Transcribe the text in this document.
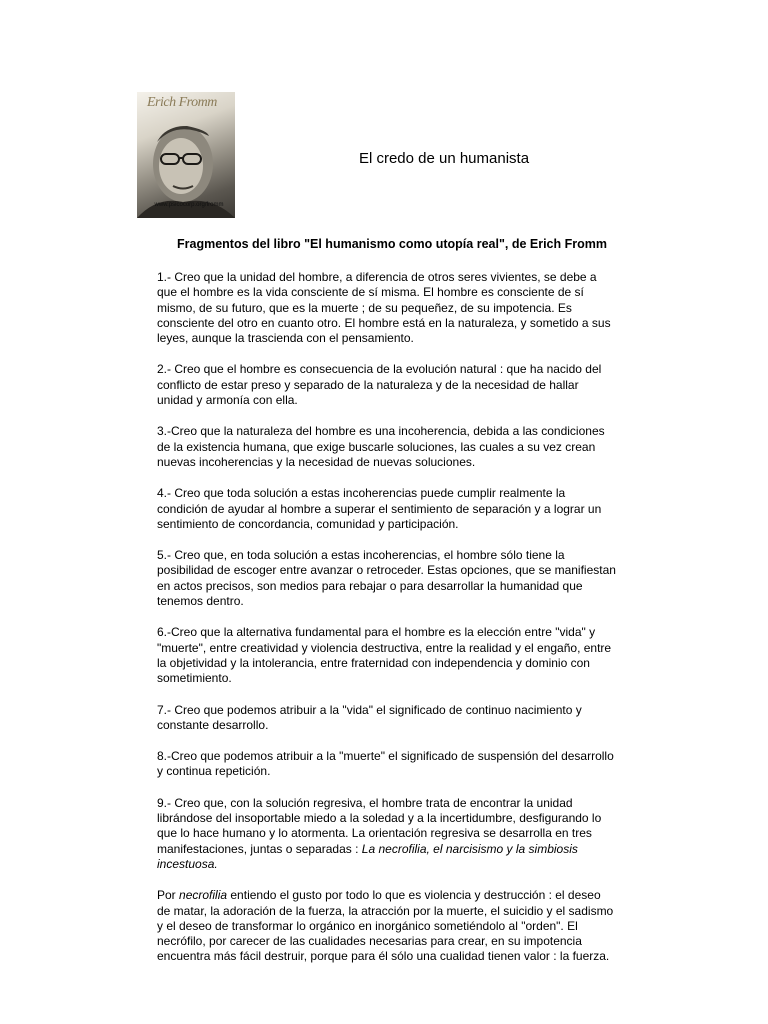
Erich Fromm
www.psicocorp.org/fromm
El credo de un humanista
Fragmentos del libro "El humanismo como utopía real", de Erich Fromm

1.- Creo que la unidad del hombre, a diferencia de otros seres vivientes, se debe a que el hombre es la vida consciente de sí misma. El hombre es consciente de sí mismo, de su futuro, que es la muerte ; de su pequeñez, de su impotencia. Es consciente del otro en cuanto otro. El hombre está en la naturaleza, y sometido a sus leyes, aunque la trascienda con el pensamiento.

2.- Creo que el hombre es consecuencia de la evolución natural : que ha nacido del conflicto de estar preso y separado de la naturaleza y de la necesidad de hallar unidad y armonía con ella.

3.-Creo que la naturaleza del hombre es una incoherencia, debida a las condiciones de la existencia humana, que exige buscarle soluciones, las cuales a su vez crean nuevas incoherencias y la necesidad de nuevas soluciones.

4.- Creo que toda solución a estas incoherencias puede cumplir realmente la condición de ayudar al hombre a superar el sentimiento de separación y a lograr un sentimiento de concordancia, comunidad y participación.

5.- Creo que, en toda solución a estas incoherencias, el hombre sólo tiene la posibilidad de escoger entre avanzar o retroceder. Estas opciones, que se manifiestan en actos precisos, son medios para rebajar o para desarrollar la humanidad que tenemos dentro.

6.-Creo que la alternativa fundamental para el hombre es la elección entre "vida" y "muerte", entre creatividad y violencia destructiva, entre la realidad y el engaño, entre la objetividad y la intolerancia, entre fraternidad con independencia y dominio con sometimiento.

7.- Creo que podemos atribuir a la "vida" el significado de continuo nacimiento y constante desarrollo.

8.-Creo que podemos atribuir a la "muerte" el significado de suspensión del desarrollo y continua repetición.

9.- Creo que, con la solución regresiva, el hombre trata de encontrar la unidad librándose del insoportable miedo a la soledad y a la incertidumbre, desfigurando lo que lo hace humano y lo atormenta. La orientación regresiva se desarrolla en tres manifestaciones, juntas o separadas : La necrofilia, el narcisismo y la simbiosis incestuosa.

Por necrofilia entiendo el gusto por todo lo que es violencia y destrucción : el deseo de matar, la adoración de la fuerza, la atracción por la muerte, el suicidio y el sadismo y el deseo de transformar lo orgánico en inorgánico sometiéndolo al "orden". El necrófilo, por carecer de las cualidades necesarias para crear, en su impotencia encuentra más fácil destruir, porque para él sólo una cualidad tienen valor : la fuerza.
